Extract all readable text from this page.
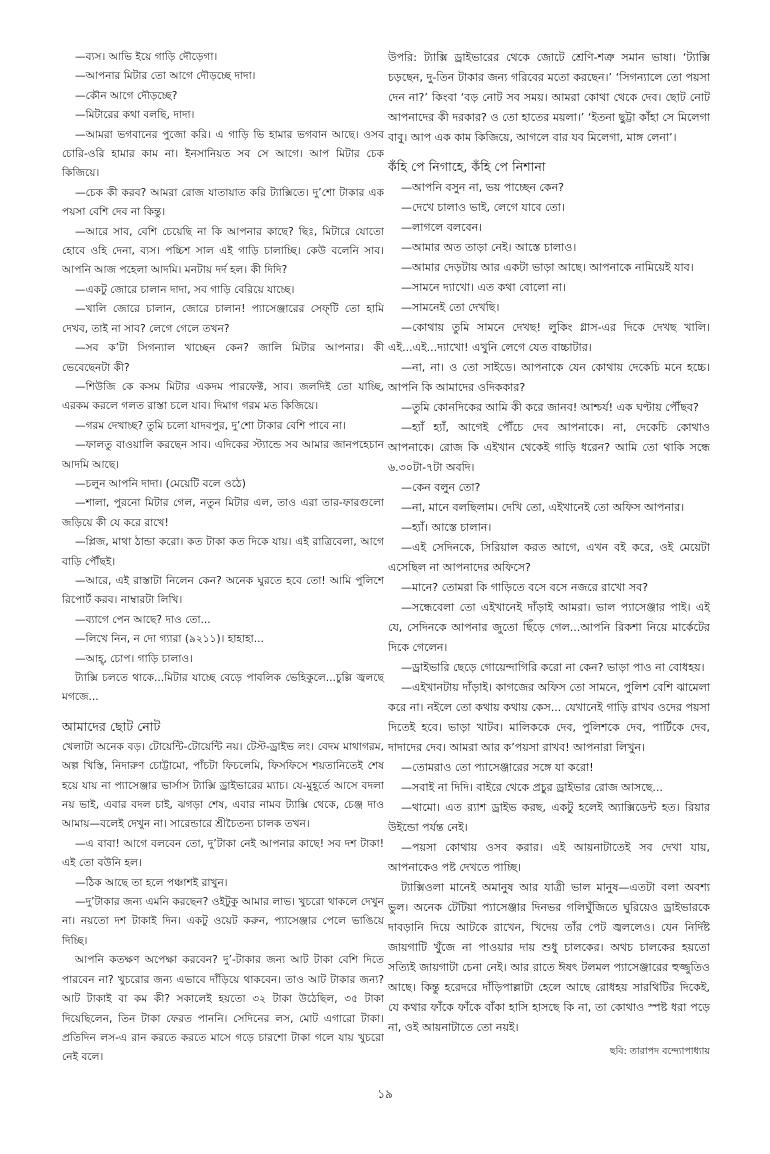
—ব্যস। আভি ইয়ে গাড়ি দৌড়েগা।

—আপনার মিটার তো আগে দৌড়চ্ছে দাদা।

—কৌন আগে দৌড়চ্ছে?

—মিটারের কথা বলছি, দাদা।

—আমরা ভগবানের পুজো করি। এ গাড়ি ভি হামার ভগবান আছে। ওসব চোরি-ওরি হামার কাম না। ইনসানিয়ত সব সে আগে। আপ মিটার চেক কিজিয়ে।

—চেক কী করব? আমরা রোজ যাতায়াত করি ট্যাক্সিতে। দু’শো টাকার এক পয়সা বেশি দেব না কিন্তু।

—আরে সাব, বেশি চেয়েছি না কি আপনার কাছে? ছিঃ, মিটারে যোতো হোবে ওহি দেনা, ব্যস। পচ্চিশ সাল এই গাড়ি চালাচ্ছি। কেউ বলেনি সাব। আপনি আজ পহেলা আদমি। মনটায় দর্দ হল। কী দিদি?

—একটু জোরে চালান দাদা, সব গাড়ি বেরিয়ে যাচ্ছে।

—খালি জোরে চালান, জোরে চালান! প্যাসেঞ্জারের সেফ্‌টি তো হামি দেখব, তাই না সাব? লেগে গেলে তখন?

—সব ক’টা সিগন্যাল খাচ্ছেন কেন? জালি মিটার আপনার। কী ভেবেছেনটা কী?

—শিউজি কে কসম মিটার একদম পারফেক্ট, সাব। জলদিই তো যাচ্ছি, এরকম করলে গলত রাস্তা চলে যাব। দিমাগ গরম মত কিজিয়ে।

—গরম দেখাচ্ছ? তুমি চলো যাদবপুর, দু’শো টাকার বেশি পাবে না।

—ফালতু বাওয়ালি করছেন সাব। এদিকের স্ট্যান্ডে সব আমার জানপহেচান আদমি আছে।

—চলুন আপনি দাদা। (মেয়েটি বলে ওঠে)

—শালা, পুরনো মিটার গেল, নতুন মিটার এল, তাও এরা তার-ফারগুলো জড়িয়ে কী যে করে রাখে!

—প্লিজ, মাথা ঠান্ডা করো। কত টাকা কত দিকে যায়। এই রাত্রিবেলা, আগে বাড়ি পৌঁছই।

—আরে, এই রাস্তাটা নিলেন কেন? অনেক ঘুরতে হবে তো! আমি পুলিশে রিপোর্ট করব। নাম্বারটা লিখি।

—ব্যাগে পেন আছে? দাও তো...

—লিখে নিন, ন দো গ্যারা (৯২১১)। হাহাহা...

—আহ্‌, চোপ। গাড়ি চালাও।

ট্যাক্সি চলতে থাকে...মিটার যাচ্ছে বেড়ে পাবলিক ভেহিকুলে...চুল্লি জ্বলছে মগজে...

আমাদের ছোট নোট

খেলাটা অনেক বড়। টোয়েন্টি-টোয়েন্টি নয়। টেস্ট-ড্রাইভ লং। বেদম মাথাগরম, অল্প খিস্তি, নিদারুণ চোট্টামো, পাঁচটা ফিচলেমি, ফিসফিসে শয়তানিতেই শেষ হয়ে যায় না প্যাসেঞ্জার ভার্সাস ট্যাক্সি ড্রাইভারের ম্যাচ। যে-মুহূর্তে আসে বদলা নয় ভাই, এবার বদল চাই, ঝগড়া শেষ, এবার নামব ট্যাক্সি থেকে, চেঞ্জ দাও আমায়—বলেই দেখুন না। সারেন্ডারে শ্রীচৈতন্য চালক তখন।

—এ বাবা! আগে বলবেন তো, দু’টাকা নেই আপনার কাছে! সব দশ টাকা! এই তো বউনি হল।

—ঠিক আছে তা হলে পঞ্চাশই রাখুন।

—দু’টাকার জন্য এমনি করছেন? ওইটুকু আমার লাভ। খুচরো থাকলে দেখুন না। নয়তো দশ টাকাই দিন। একটু ওয়েট করুন, প্যাসেঞ্জার পেলে ভাঙিয়ে দিচ্ছি।

আপনি কতক্ষণ অপেক্ষা করবেন? দু’-টাকার জন্য আট টাকা বেশি দিতে পারবেন না? খুচরোর জন্য এভাবে দাঁড়িয়ে থাকবেন। তাও আট টাকার জন্য? আট টাকাই বা কম কী? সকালেই হয়তো ৩২ টাকা উঠেছিল, ৩৫ টাকা দিয়েছিলেন, তিন টাকা ফেরত পাননি। সেদিনের লস, মোট এগারো টাকা। প্রতিদিন লস-এ রান করতে করতে মাসে গড়ে চারশো টাকা গলে যায় খুচরো নেই বলে।

উপরি: ট্যাক্সি ড্রাইভারের থেকে জোটে শ্রেণি-শত্রু সমান ভাষা। ‘ট্যাক্সি চড়ছেন, দু-তিন টাকার জন্য গরিবের মতো করছেন।’ ‘সিগন্যালে তো পয়সা দেন না?’ কিংবা ‘বড় নোট সব সময়। আমরা কোথা থেকে দেব। ছোট নোট আপনাদের কী দরকার? ও তো হাতের ময়লা।’ ‘ইতনা ছুট্টা কাঁহা সে মিলেগা বাবু। আপ এক কাম কিজিয়ে, আগলে বার যব মিলেগা, মাঙ্গ লেনা’।

কঁহি পে নিগাহে, কঁহি পে নিশানা

—আপনি বসুন না, ভয় পাচ্ছেন কেন?

—দেখে চালাও ভাই, লেগে যাবে তো।

—লাগলে বলবেন।

—আমার অত তাড়া নেই। আস্তে চালাও।

—আমার দেড়টায় আর একটা ভাড়া আছে। আপনাকে নামিয়েই যাব।

—সামনে দ্যাখো। এত কথা বোলো না।

—সামনেই তো দেখছি।

—কোথায় তুমি সামনে দেখছ! লুকিং গ্লাস-এর দিকে দেখছ খালি। এই...এই...দ্যাখো! এখুনি লেগে যেত বাচ্চাটার।

—না, না। ও তো সাইডে। আপনাকে যেন কোথায় দেকেচি মনে হচ্চে। আপনি কি আমাদের ওদিককার?

—তুমি কোনদিকের আমি কী করে জানব! আশ্চর্য! এক ঘণ্টায় পৌঁছব?

—হ্যাঁ হ্যাঁ, আগেই পৌঁচে দেব আপনাকে। না, দেকেচি কোথাও আপনাকে। রোজ কি এইখান থেকেই গাড়ি ধরেন? আমি তো থাকি সন্ধে ৬.৩০টা-৭টা অবদি।

—কেন বলুন তো?

—না, মানে বলছিলাম। দেখি তো, এইখানেই তো অফিস আপনার।

—হ্যাঁ। আস্তে চালান।

—এই সেদিনকে, সিরিয়াল করত আগে, এখন বই করে, ওই মেয়েটা এসেছিল না আপনাদের অফিসে?

—মানে? তোমরা কি গাড়িতে বসে বসে নজরে রাখো সব?

—সন্ধেবেলা তো এইখানেই দাঁড়াই আমরা। ভাল প্যাসেঞ্জার পাই। এই যে, সেদিনকে আপনার জুতো ছিঁড়ে গেল...আপনি রিকশা নিয়ে মার্কেটের দিকে গেলেন।

—ড্রাইভারি ছেড়ে গোয়েন্দাগিরি করো না কেন? ভাড়া পাও না বোধহয়।

—এইখানটায় দাঁড়াই। কাগজের অফিস তো সামনে, পুলিশ বেশি ঝামেলা করে না। নইলে তো কথায় কথায় কেস... যেখানেই গাড়ি রাখব ওদের পয়সা দিতেই হবে। ভাড়া খাটব। মালিককে দেব, পুলিশকে দেব, পার্টিকে দেব, দাদাদের দেব। আমরা আর ক’পয়সা রাখব! আপনারা লিখুন।

—তোমরাও তো প্যাসেঞ্জারের সঙ্গে যা করো!

—সবাই না দিদি। বাইরে থেকে প্রচুর ড্রাইভার রোজ আসছে...

—থামো। এত র‍্যাশ ড্রাইভ করছ, একটু হলেই অ্যাক্সিডেন্ট হত। রিয়ার উইন্ডো পর্যন্ত নেই।

—পয়সা কোথায় ওসব করার। এই আয়নাটাতেই সব দেখা যায়, আপনাকেও পষ্ট দেখতে পাচ্ছি।

ট্যাক্সিওলা মানেই অমানুষ আর যাত্রী ভাল মানুষ—এতটা বলা অবশ্য ভুল। অনেক টেটিয়া প্যাসেঞ্জার দিনভর গলিঘুঁজিতে ঘুরিয়েও ড্রাইভারকে দাবড়ানি দিয়ে আটকে রাখেন, খিদেয় তাঁর পেট জ্বললেও। যেন নির্দিষ্ট জায়গাটি খুঁজে না পাওয়ার দায় শুধু চালকের। অথচ চালকের হয়তো সত্যিই জায়গাটা চেনা নেই। আর রাতে ঈষৎ টলমল প্যাসেঞ্জারের হুজ্জুতিও আছে। কিন্তু হরেদরে দাঁড়িপাল্লাটা হেলে আছে রোধহয় সারথিটির দিকেই, যে কথার ফাঁকে ফাঁকে বাঁকা হাসি হাসছে কি না, তা কোথাও স্পষ্ট ধরা পড়ে না, ওই আয়নাটাতে তো নয়ই।

ছবি: তারাপদ বন্দ্যোপাধ্যায়
১৯
